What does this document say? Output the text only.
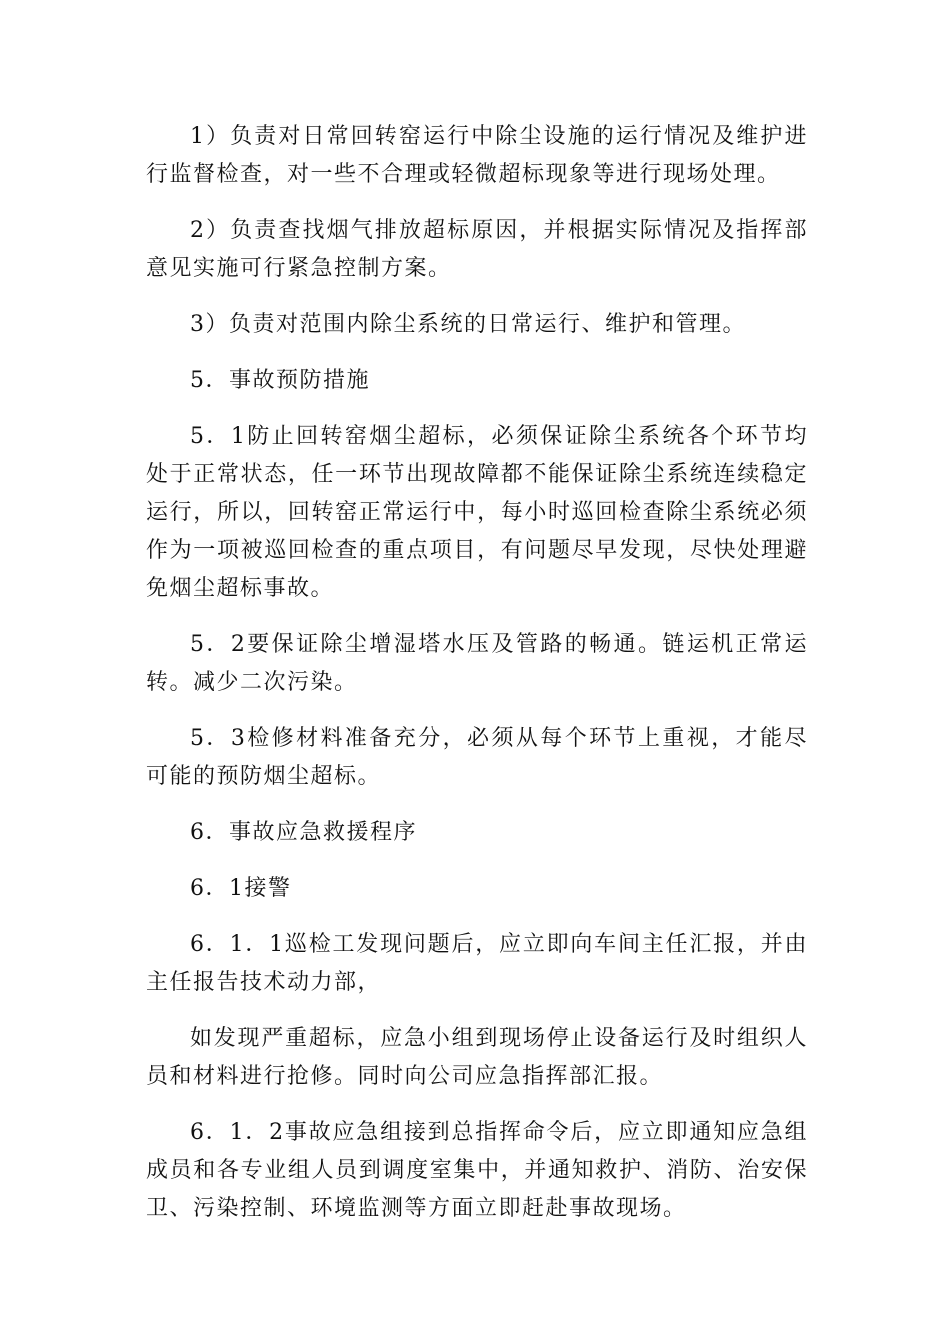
1）负责对日常回转窑运行中除尘设施的运行情况及维护进行监督检查，对一些不合理或轻微超标现象等进行现场处理。

2）负责查找烟气排放超标原因，并根据实际情况及指挥部意见实施可行紧急控制方案。

3）负责对范围内除尘系统的日常运行、维护和管理。

5．事故预防措施

5．1防止回转窑烟尘超标，必须保证除尘系统各个环节均处于正常状态，任一环节出现故障都不能保证除尘系统连续稳定运行，所以，回转窑正常运行中，每小时巡回检查除尘系统必须作为一项被巡回检查的重点项目，有问题尽早发现，尽快处理避免烟尘超标事故。

5．2要保证除尘增湿塔水压及管路的畅通。链运机正常运转。减少二次污染。

5．3检修材料准备充分，必须从每个环节上重视，才能尽可能的预防烟尘超标。

6．事故应急救援程序

6．1接警

6．1．1巡检工发现问题后，应立即向车间主任汇报，并由主任报告技术动力部，

如发现严重超标，应急小组到现场停止设备运行及时组织人员和材料进行抢修。同时向公司应急指挥部汇报。

6．1．2事故应急组接到总指挥命令后，应立即通知应急组成员和各专业组人员到调度室集中，并通知救护、消防、治安保卫、污染控制、环境监测等方面立即赶赴事故现场。
